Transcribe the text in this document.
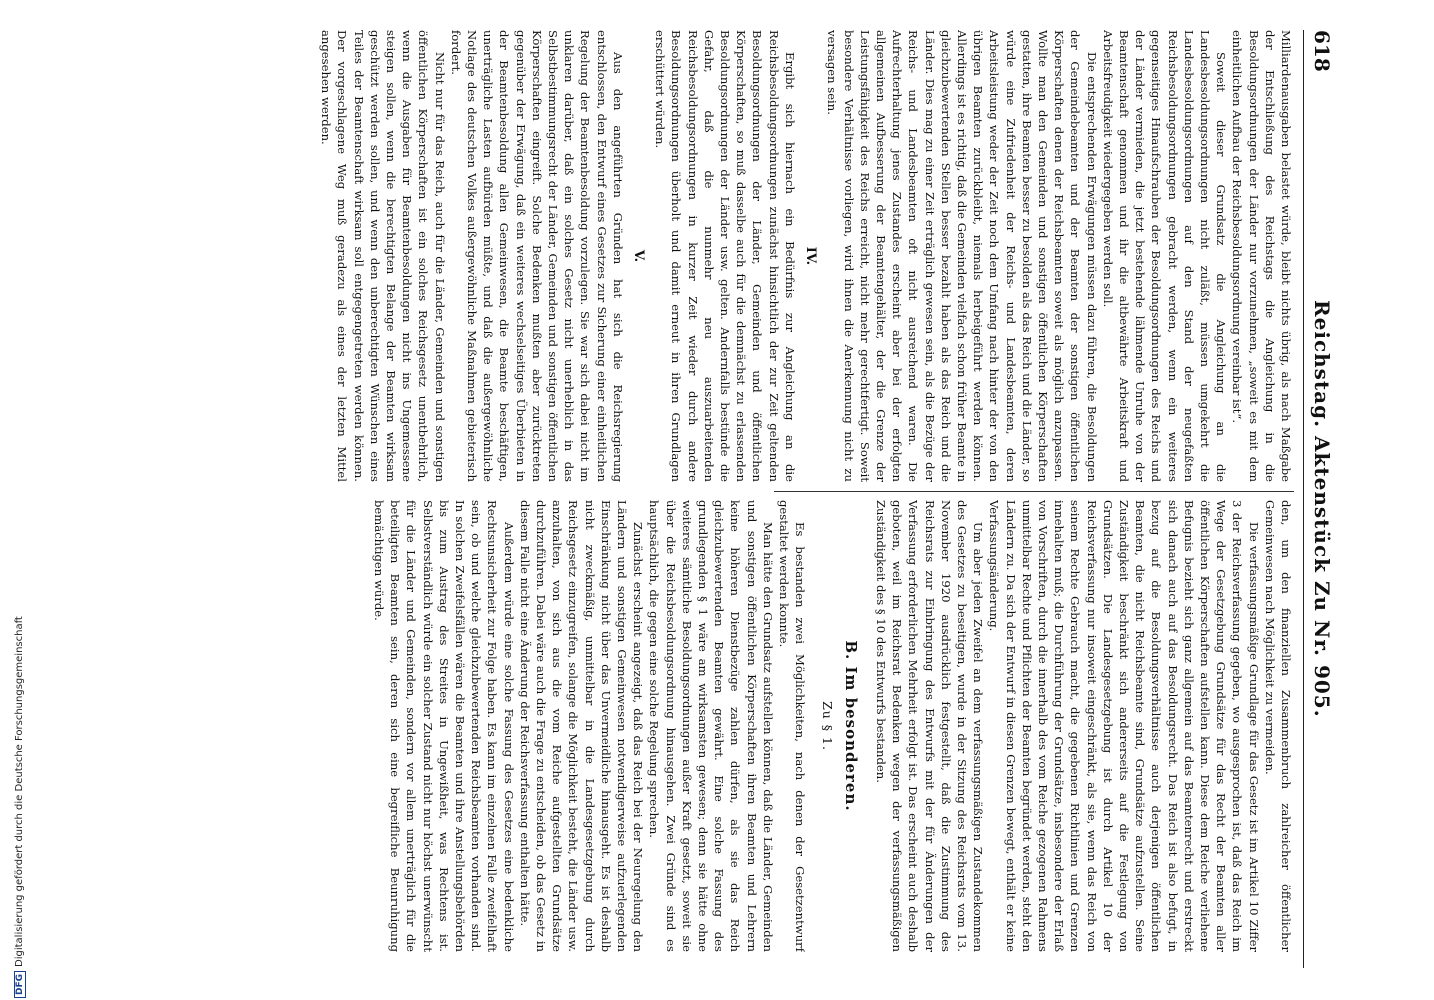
618
Reichstag. Aktenstück Zu Nr. 905.

Milliardenausgaben belastet würde, bleibt nichts übrig, als nach Maßgabe der Entschließung des Reichstags die Angleichung in die Besoldungsordnungen der Länder nur vorzunehmen, „soweit es mit dem einheitlichen Aufbau der Reichsbesoldungsordnung vereinbar ist“.

Soweit dieser Grundsatz die Angleichung an die Landesbesoldungsordnungen nicht zuläßt, müssen umgekehrt die Landesbesoldungsordnungen auf den Stand der neugefaßten Reichsbesoldungsordnungen gebracht werden, wenn ein weiteres gegenseitiges Hinaufschrauben der Besoldungsordnungen des Reichs und der Länder vermieden, die jetzt bestehende lähmende Unruhe von der Beamtenschaft genommen und ihr die altbewährte Arbeitskraft und Arbeitsfreudigkeit wiedergegeben werden soll.

Die entsprechenden Erwägungen müssen dazu führen, die Besoldungen der Gemeindebeamten und der Beamten der sonstigen öffentlichen Körperschaften denen der Reichsbeamten soweit als möglich anzupassen. Wollte man den Gemeinden und sonstigen öffentlichen Körperschaften gestatten, ihre Beamten besser zu besolden als das Reich und die Länder, so würde eine Zufriedenheit der Reichs- und Landesbeamten, deren Arbeitsleistung weder der Zeit noch dem Umfang nach hinter der von den übrigen Beamten zurückbleibt, niemals herbeigeführt werden können. Allerdings ist es richtig, daß die Gemeinden vielfach schon früher Beamte in gleichzubewertenden Stellen besser bezahlt haben als das Reich und die Länder. Dies mag zu einer Zeit erträglich gewesen sein, als die Bezüge der Reichs- und Landesbeamten oft nicht ausreichend waren. Die Aufrechterhaltung jenes Zustandes erscheint aber bei der erfolgten allgemeinen Aufbesserung der Beamtengehälter, der die Grenze der Leistungsfähigkeit des Reichs erreicht, nicht mehr gerechtfertigt. Soweit besondere Verhältnisse vorliegen, wird ihnen die Anerkennung nicht zu versagen sein.

IV.

Ergibt sich hiernach ein Bedürfnis zur Angleichung an die Reichsbesoldungsordnungen zunächst hinsichtlich der zur Zeit geltenden Besoldungsordnungen der Länder, Gemeinden und öffentlichen Körperschaften, so muß dasselbe auch für die demnächst zu erlassenden Besoldungsordnungen der Länder usw. gelten. Andernfalls bestünde die Gefahr, daß die nunmehr neu auszuarbeitenden Reichsbesoldungsordnungen in kurzer Zeit wieder durch andere Besoldungsordnungen überholt und damit erneut in ihren Grundlagen erschüttert würden.

V.

Aus den angeführten Gründen hat sich die Reichsregierung entschlossen, den Entwurf eines Gesetzes zur Sicherung einer einheitlichen Regelung der Beamtenbesoldung vorzulegen. Sie war sich dabei nicht im unklaren darüber, daß ein solches Gesetz nicht unerheblich in das Selbstbestimmungsrecht der Länder, Gemeinden und sonstigen öffentlichen Körperschaften eingreift. Solche Bedenken mußten aber zurücktreten gegenüber der Erwägung, daß ein weiteres wechselseitiges Überbieten in der Beamtenbesoldung allen Gemeinwesen, die Beamte beschäftigen, unerträgliche Lasten aufbürden müßte, und daß die außergewöhnliche Notlage des deutschen Volkes außergewöhnliche Maßnahmen gebieterisch fordert.

Nicht nur für das Reich, auch für die Länder, Gemeinden und sonstigen öffentlichen Körperschaften ist ein solches Reichsgesetz unentbehrlich, wenn die Ausgaben für Beamtenbesoldungen nicht ins Ungemessene steigen sollen, wenn die berechtigten Belange der Beamten wirksam geschützt werden sollen, und wenn den unberechtigten Wünschen eines Teiles der Beamtenschaft wirksam soll entgegengetreten werden können. Der vorgeschlagene Weg muß geradezu als eines der letzten Mittel angesehen werden.

den, um den finanziellen Zusammenbruch zahlreicher öffentlicher Gemeinwesen nach Möglichkeit zu vermeiden.

Die verfassungsmäßige Grundlage für das Gesetz ist im Artikel 10 Ziffer 3 der Reichsverfassung gegeben, wo ausgesprochen ist, daß das Reich im Wege der Gesetzgebung Grundsätze für das Recht der Beamten aller öffentlichen Körperschaften aufstellen kann. Diese dem Reiche verliehene Befugnis bezieht sich ganz allgemein auf das Beamtenrecht und erstreckt sich danach auch auf das Besoldungsrecht. Das Reich ist also befugt, in bezug auf die Besoldungsverhältnisse auch derjenigen öffentlichen Beamten, die nicht Reichsbeamte sind, Grundsätze aufzustellen. Seine Zuständigkeit beschränkt sich andererseits auf die Festlegung von Grundsätzen. Die Landesgesetzgebung ist durch Artikel 10 der Reichsverfassung nur insoweit eingeschränkt, als sie, wenn das Reich von seinem Rechte Gebrauch macht, die gegebenen Richtlinien und Grenzen innehalten muß; die Durchführung der Grundsätze, insbesondere der Erlaß von Vorschriften, durch die innerhalb des vom Reiche gezogenen Rahmens unmittelbar Rechte und Pflichten der Beamten begründet werden, steht den Ländern zu. Da sich der Entwurf in diesen Grenzen bewegt, enthält er keine Verfassungsänderung.

Um aber jeden Zweifel an dem verfassungsmäßigen Zustandekommen des Gesetzes zu beseitigen, wurde in der Sitzung des Reichsrats vom 13. November 1920 ausdrücklich festgestellt, daß die Zustimmung des Reichsrats zur Einbringung des Entwurfs mit der für Änderungen der Verfassung erforderlichen Mehrheit erfolgt ist. Das erscheint auch deshalb geboten, weil im Reichsrat Bedenken wegen der verfassungsmäßigen Zuständigkeit des § 10 des Entwurfs bestanden.

B. Im besonderen.
Zu § 1.

Es bestanden zwei Möglichkeiten, nach denen der Gesetzentwurf gestaltet werden konnte.

Man hätte den Grundsatz aufstellen können, daß die Länder, Gemeinden und sonstigen öffentlichen Körperschaften ihren Beamten und Lehrern keine höheren Dienstbezüge zahlen dürfen, als sie das Reich gleichzubewertenden Beamten gewährt. Eine solche Fassung des grundlegenden § 1 wäre am wirksamsten gewesen; denn sie hätte ohne weiteres sämtliche Besoldungsordnungen außer Kraft gesetzt, soweit sie über die Reichsbesoldungsordnung hinausgehen. Zwei Gründe sind es hauptsächlich, die gegen eine solche Regelung sprechen.

Zunächst erscheint angezeigt, daß das Reich bei der Neuregelung den Ländern und sonstigen Gemeinwesen notwendigerweise aufzuerlegenden Einschränkung nicht über das Unvermeidliche hinausgeht. Es ist deshalb nicht zweckmäßig, unmittelbar in die Landesgesetzgebung durch Reichsgesetz einzugreifen, solange die Möglichkeit besteht, die Länder usw. anzuhalten, von sich aus die vom Reiche aufgestellten Grundsätze durchzuführen. Dabei wäre auch die Frage zu entscheiden, ob das Gesetz in diesem Falle nicht eine Änderung der Reichsverfassung enthalten hätte.

Außerdem würde eine solche Fassung des Gesetzes eine bedenkliche Rechtsunsicherheit zur Folge haben. Es kann im einzelnen Falle zweifelhaft sein, ob und welche gleichzubewertenden Reichsbeamten vorhanden sind. In solchen Zweifelsfällen wären die Beamten und ihre Anstellungsbehörden bis zum Austrag des Streites in Ungewißheit, was Rechtens ist. Selbstverständlich würde ein solcher Zustand nicht nur höchst unerwünscht für die Länder und Gemeinden, sondern vor allem unerträglich für die beteiligten Beamten sein, deren sich eine begreifliche Beunruhigung bemächtigen würde.

DFGDigitalisierung gefördert durch die Deutsche Forschungsgemeinschaft
